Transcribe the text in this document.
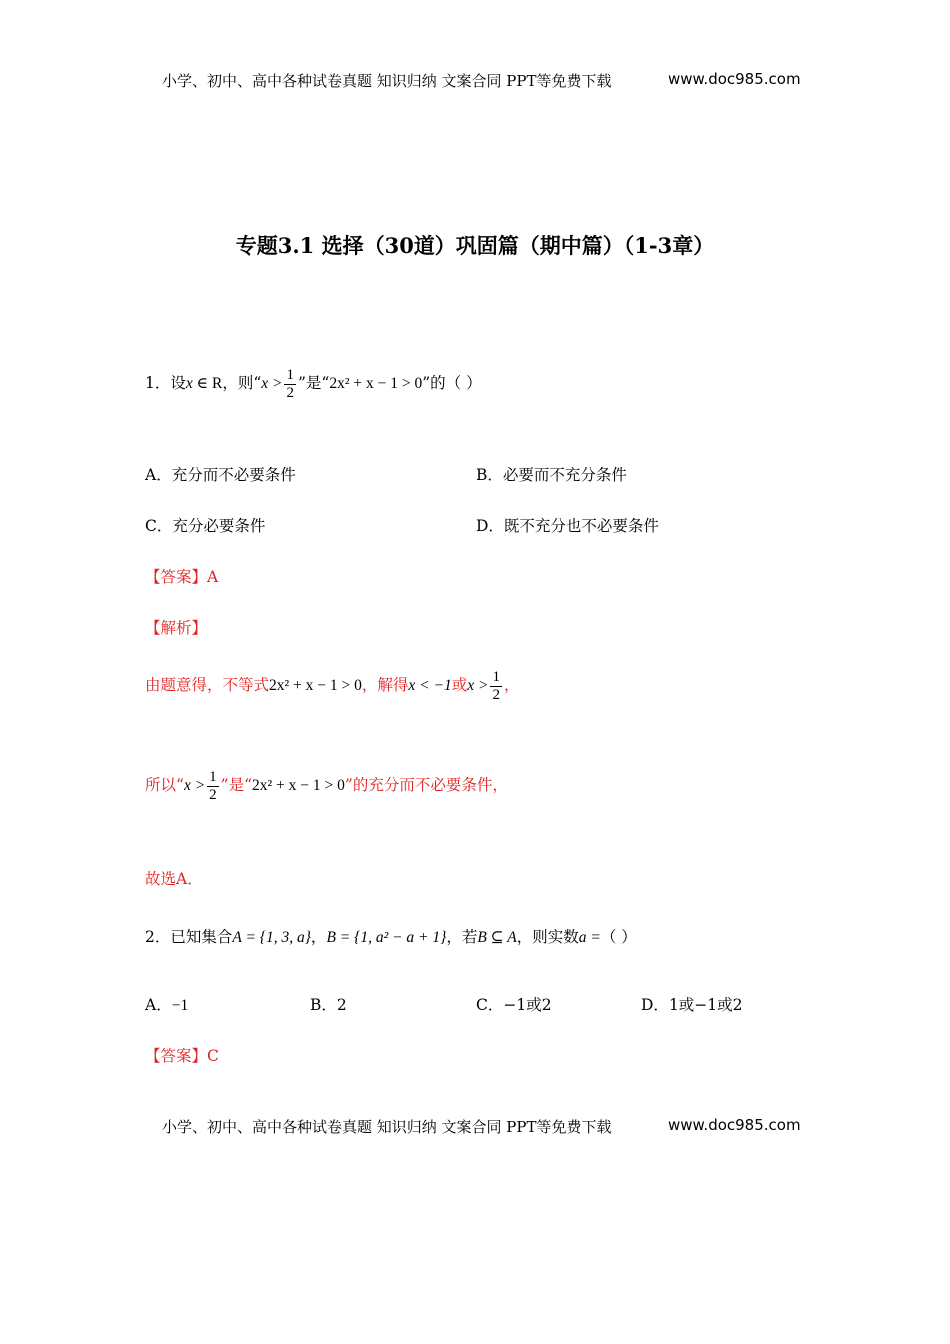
小学、初中、高中各种试卷真题 知识归纳 文案合同 PPT等免费下载	www.doc985.com
专题3.1 选择（30道）巩固篇（期中篇）（1-3章）
1．设x ∈ R，则“$x > \frac{1}{2}$ ”是“2x² + x − 1 > 0”的（ ）
A．充分而不必要条件	B．必要而不充分条件
C．充分必要条件	D．既不充分也不必要条件
【答案】A
【解析】
由题意得，不等式2x² + x − 1 > 0，解得x < −1或$x > \frac{1}{2}$ ，
所以“$x > \frac{1}{2}$ ”是“2x² + x − 1 > 0”的充分而不必要条件，
故选A．
2．已知集合A = {1, 3, a}，B = {1, a² − a + 1}，若B ⊆ A，则实数a =（ ）
A．−1	B．2	C．−1或2	D．1或−1或2
【答案】C
小学、初中、高中各种试卷真题 知识归纳 文案合同 PPT等免费下载	www.doc985.com
